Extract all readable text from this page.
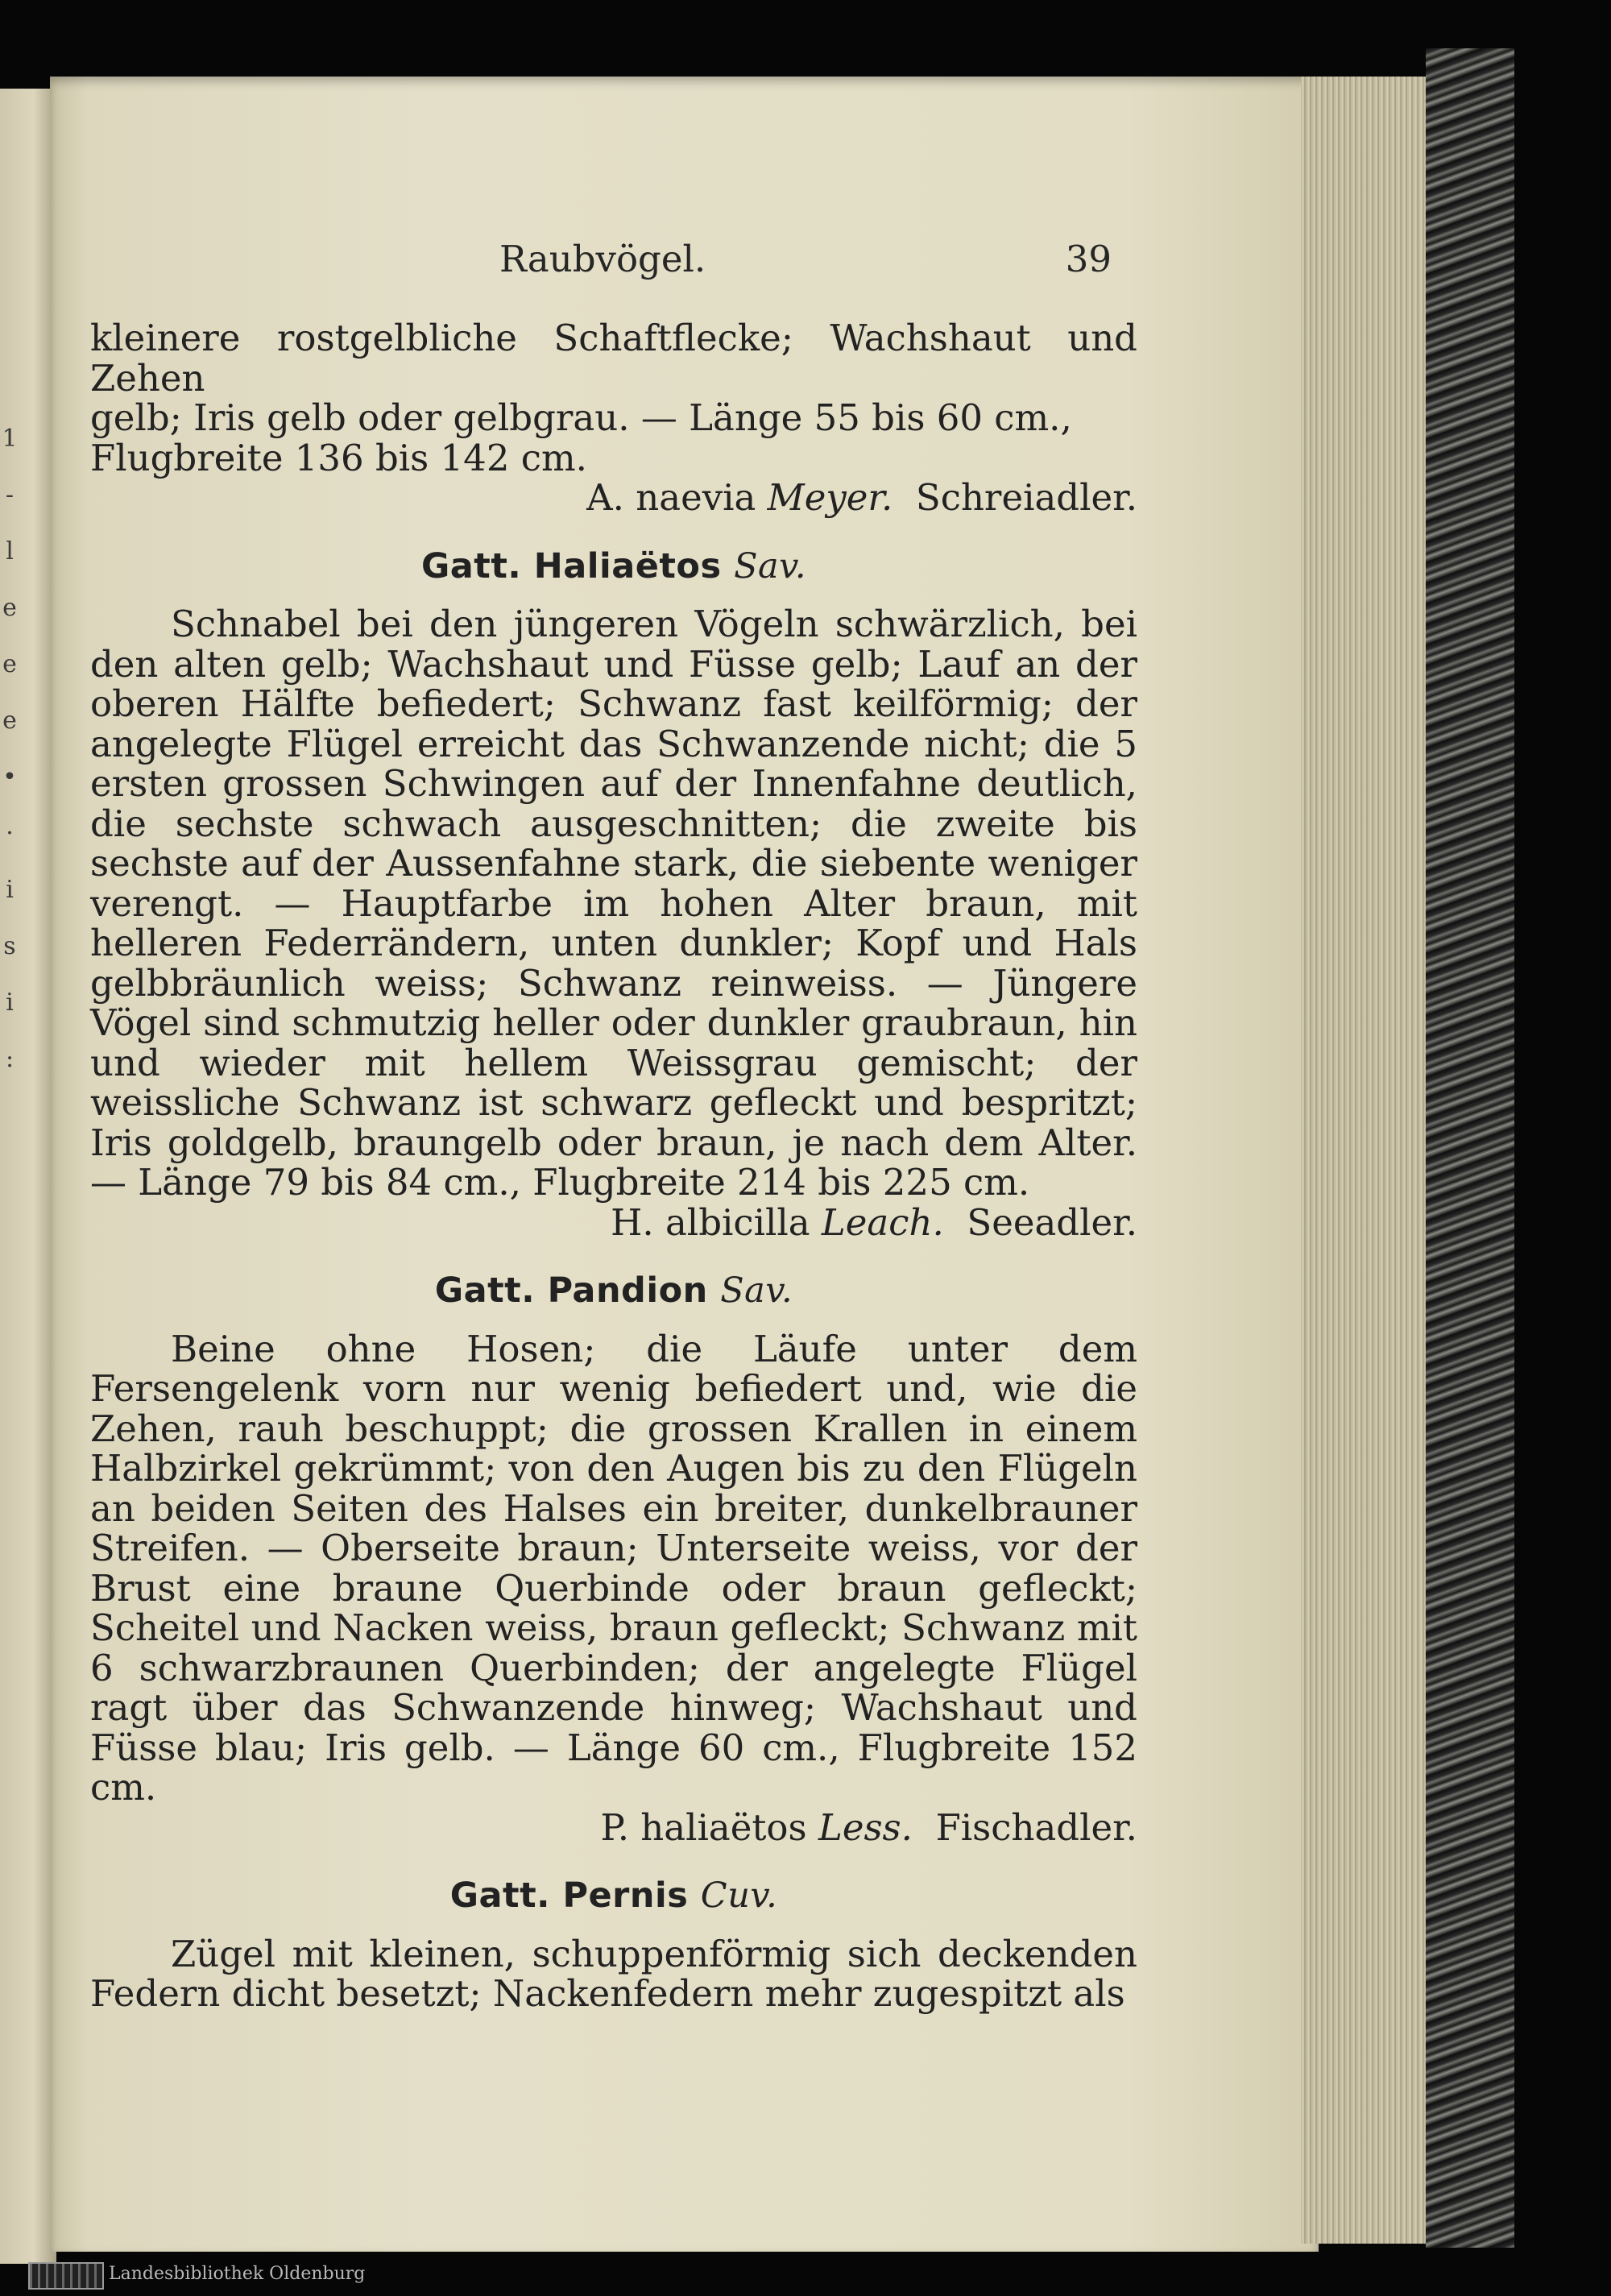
1
-
l
e
e
e
•
·
i
s
i
:
Raubvögel.	39

kleinere rostgelbliche Schaftflecke; Wachshaut und Zehen

gelb; Iris gelb oder gelbgrau. — Länge 55 bis 60 cm.,

Flugbreite 136 bis 142 cm.

A. naevia Meyer. Schreiadler.

Gatt. Haliaëtos Sav.

Schnabel bei den jüngeren Vögeln schwärzlich, bei den alten gelb; Wachshaut und Füsse gelb; Lauf an der oberen Hälfte befiedert; Schwanz fast keilförmig; der angelegte Flügel erreicht das Schwanzende nicht; die 5 ersten grossen Schwingen auf der Innenfahne deutlich, die sechste schwach ausgeschnitten; die zweite bis sechste auf der Aussenfahne stark, die siebente weniger verengt. — Hauptfarbe im hohen Alter braun, mit helleren Federrändern, unten dunkler; Kopf und Hals gelbbräunlich weiss; Schwanz reinweiss. — Jüngere Vögel sind schmutzig heller oder dunkler graubraun, hin und wieder mit hellem Weissgrau gemischt; der weissliche Schwanz ist schwarz gefleckt und bespritzt; Iris goldgelb, braungelb oder braun, je nach dem Alter. — Länge 79 bis 84 cm., Flugbreite 214 bis 225 cm.

H. albicilla Leach. Seeadler.

Gatt. Pandion Sav.

Beine ohne Hosen; die Läufe unter dem Fersengelenk vorn nur wenig befiedert und, wie die Zehen, rauh beschuppt; die grossen Krallen in einem Halbzirkel gekrümmt; von den Augen bis zu den Flügeln an beiden Seiten des Halses ein breiter, dunkelbrauner Streifen. — Oberseite braun; Unterseite weiss, vor der Brust eine braune Querbinde oder braun gefleckt; Scheitel und Nacken weiss, braun gefleckt; Schwanz mit 6 schwarzbraunen Querbinden; der angelegte Flügel ragt über das Schwanzende hinweg; Wachshaut und Füsse blau; Iris gelb. — Länge 60 cm., Flugbreite 152 cm.

P. haliaëtos Less. Fischadler.

Gatt. Pernis Cuv.

Zügel mit kleinen, schuppenförmig sich deckenden Federn dicht besetzt; Nackenfedern mehr zugespitzt als

Landesbibliothek Oldenburg
